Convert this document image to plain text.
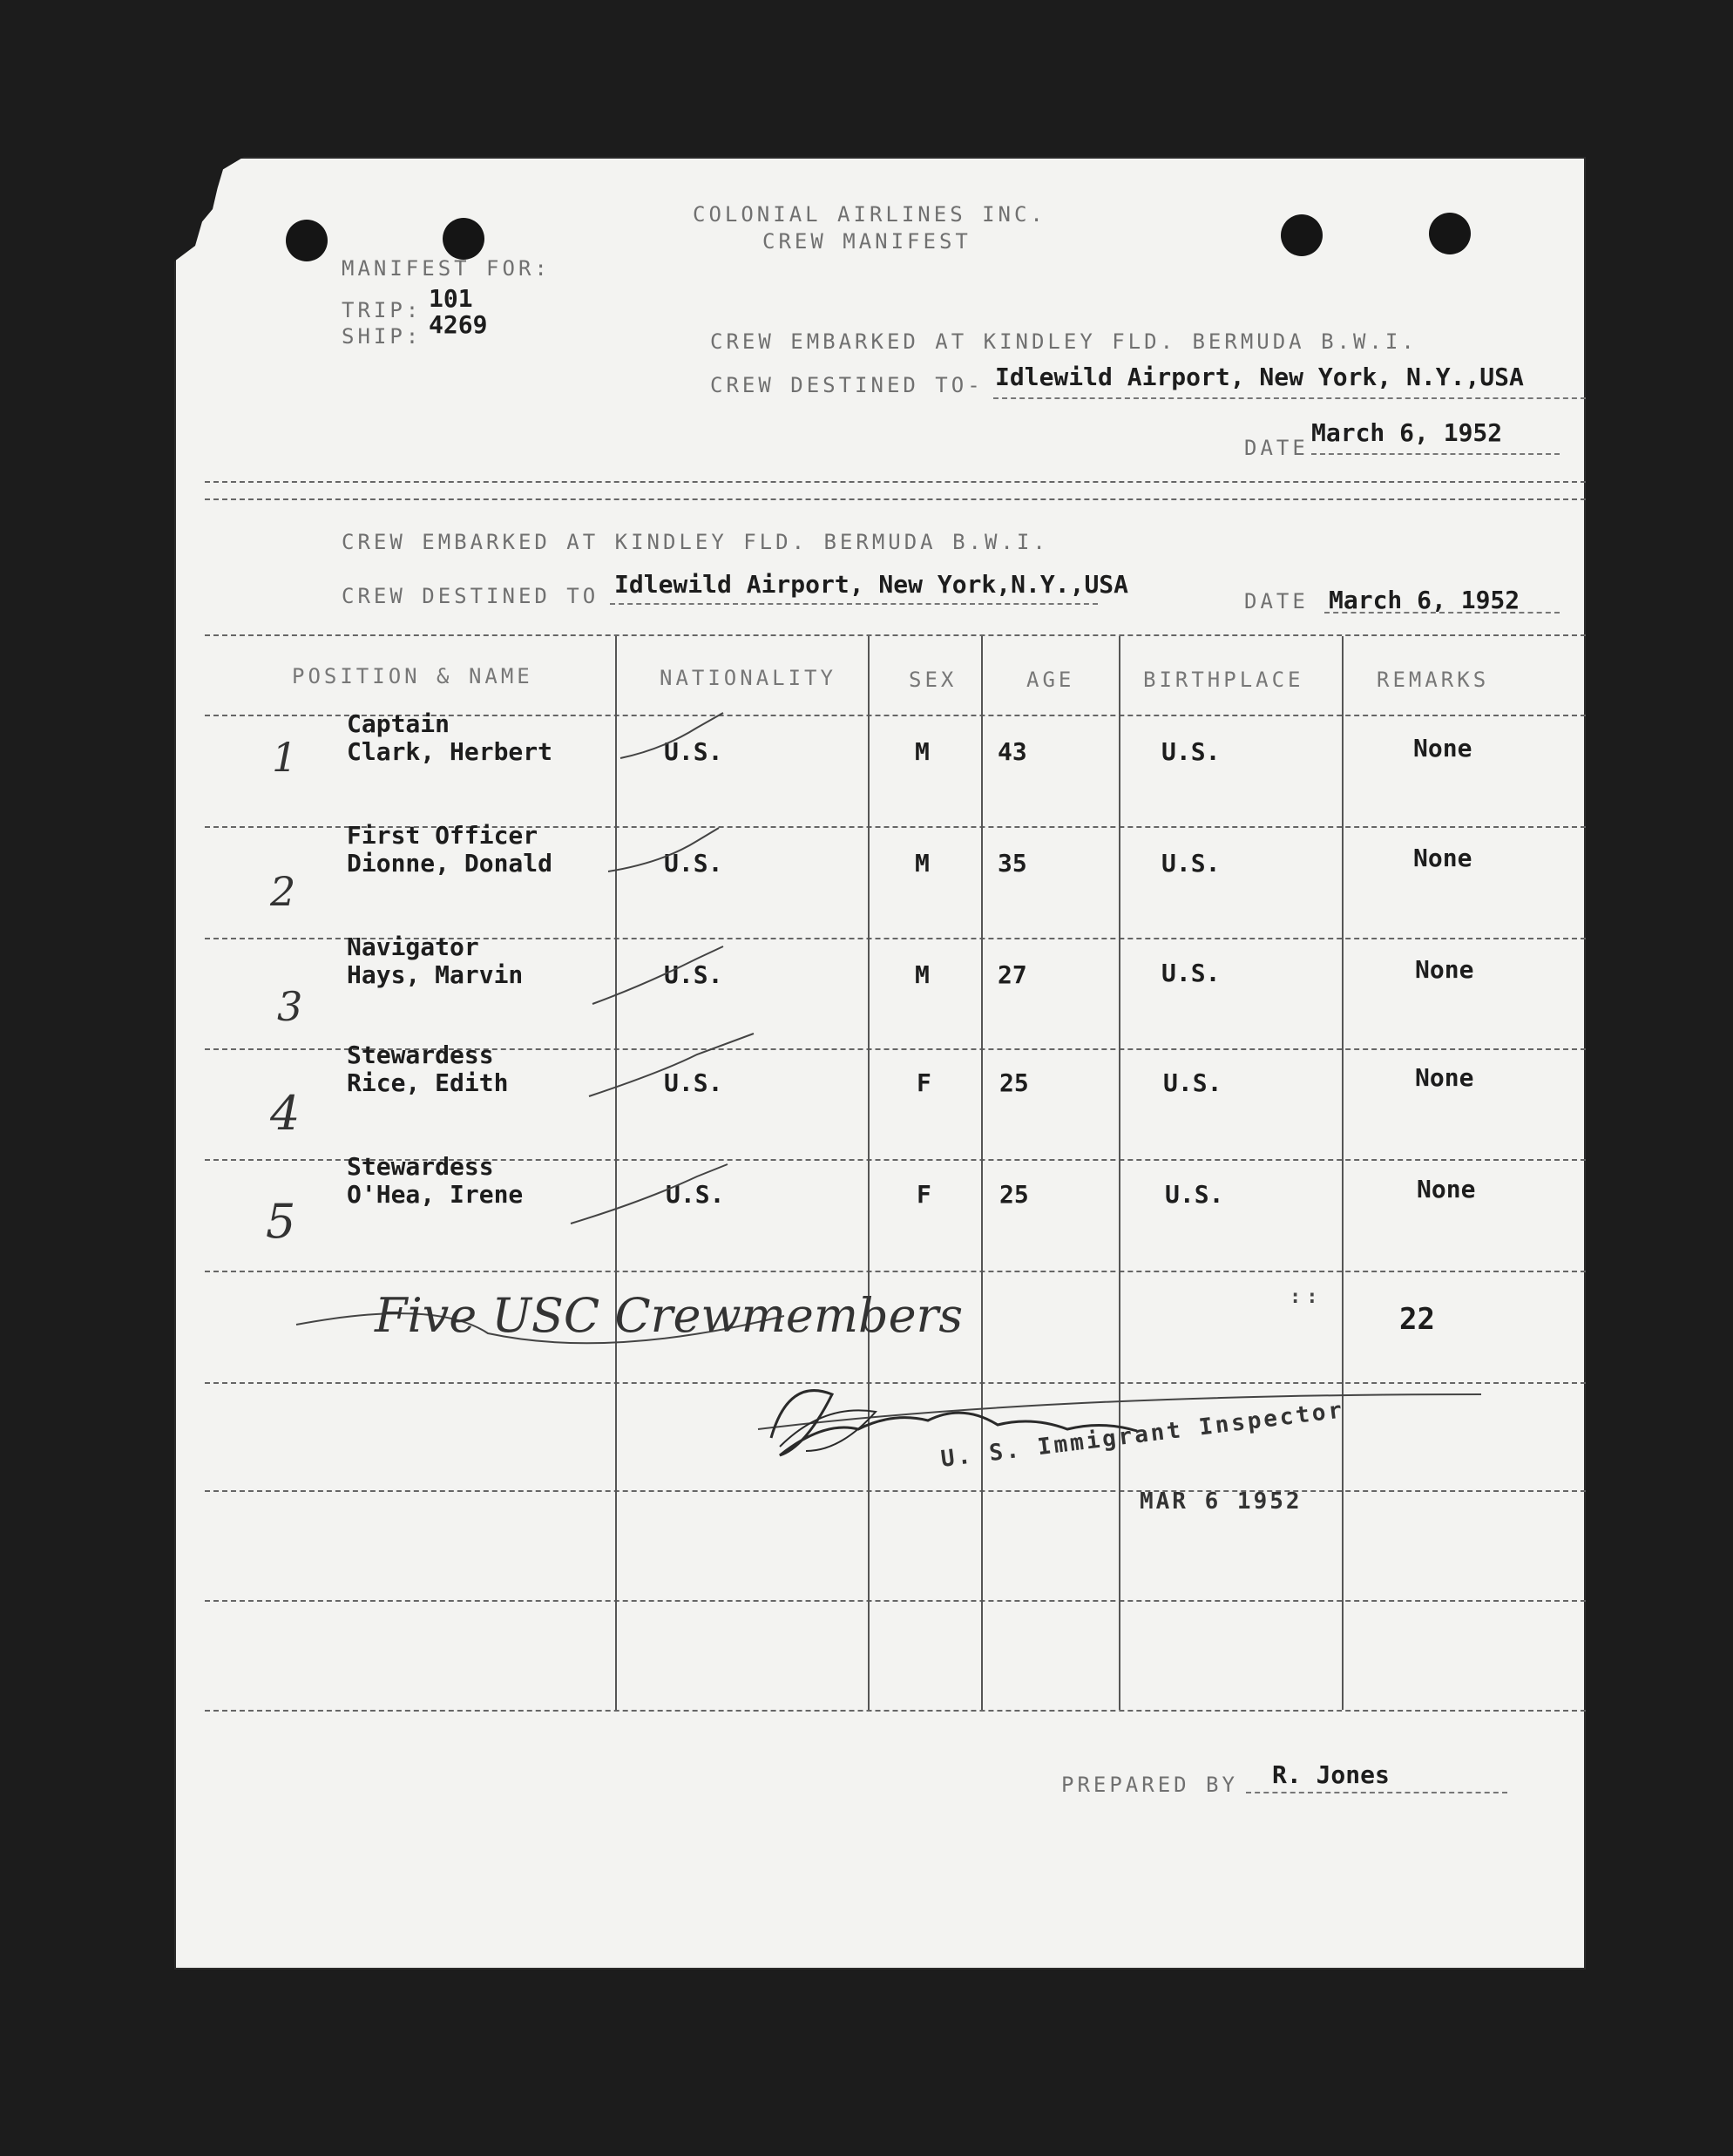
COLONIAL AIRLINES INC.
CREW MANIFEST
MANIFEST FOR:
TRIP: 101
SHIP: 4269
CREW EMBARKED AT KINDLEY FLD. BERMUDA B.W.I.
CREW DESTINED TO- Idlewild Airport, New York, N.Y.,USA
DATE
March 6, 1952
CREW EMBARKED AT KINDLEY FLD. BERMUDA B.W.I.
CREW DESTINED TO Idlewild Airport, New York,N.Y.,USA
DATE March 6, 1952
POSITION & NAME	NATIONALITY	SEX	AGE	BIRTHPLACE	REMARKS
1
Captain
Clark, Herbert	U.S.	M	43	U.S.	None
2
First Officer
Dionne, Donald	U.S.	M	35	U.S.	None
3
Navigator
Hays, Marvin	U.S.	M	27	U.S.	None
4
Stewardess
Rice, Edith	U.S.	F	25	U.S.	None
5
Stewardess
O'Hea, Irene	U.S.	F	25	U.S.	None
Five USC Crewmembers	::
22
U. S. Immigrant Inspector
MAR 6 1952
PREPARED BY R. Jones
